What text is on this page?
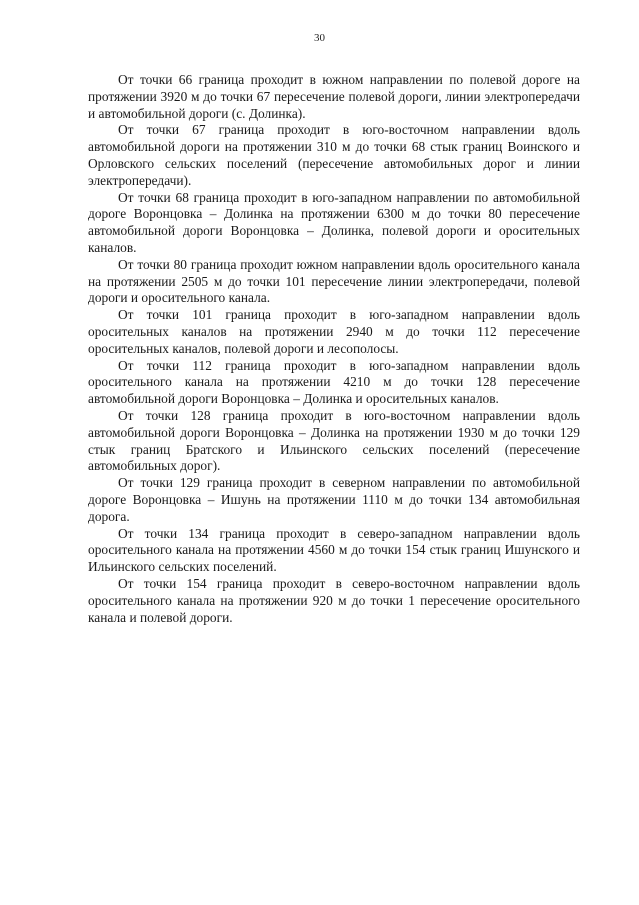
30

От точки 66 граница проходит в южном направлении по полевой дороге на протяжении 3920 м до точки 67 пересечение полевой дороги, линии электропередачи и автомобильной дороги (с. Долинка).

От точки 67 граница проходит в юго-восточном направлении вдоль автомобильной дороги на протяжении 310 м до точки 68 стык границ Воинского и Орловского сельских поселений (пересечение автомобильных дорог и линии электропередачи).

От точки 68 граница проходит в юго-западном направлении по автомобильной дороге Воронцовка – Долинка на протяжении 6300 м до точки 80 пересечение автомобильной дороги Воронцовка – Долинка, полевой дороги и оросительных каналов.

От точки 80 граница проходит южном направлении вдоль оросительного канала на протяжении 2505 м до точки 101 пересечение линии электропередачи, полевой дороги и оросительного канала.

От точки 101 граница проходит в юго-западном направлении вдоль оросительных каналов на протяжении 2940 м до точки 112 пересечение оросительных каналов, полевой дороги и лесополосы.

От точки 112 граница проходит в юго-западном направлении вдоль оросительного канала на протяжении 4210 м до точки 128 пересечение автомобильной дороги Воронцовка – Долинка и оросительных каналов.

От точки 128 граница проходит в юго-восточном направлении вдоль автомобильной дороги Воронцовка – Долинка на протяжении 1930 м до точки 129 стык границ Братского и Ильинского сельских поселений (пересечение автомобильных дорог).

От точки 129 граница проходит в северном направлении по автомобильной дороге Воронцовка – Ишунь на протяжении 1110 м до точки 134 автомобильная дорога.

От точки 134 граница проходит в северо-западном направлении вдоль оросительного канала на протяжении 4560 м до точки 154 стык границ Ишунского и Ильинского сельских поселений.

От точки 154 граница проходит в северо-восточном направлении вдоль оросительного канала на протяжении 920 м до точки 1 пересечение оросительного канала и полевой дороги.
